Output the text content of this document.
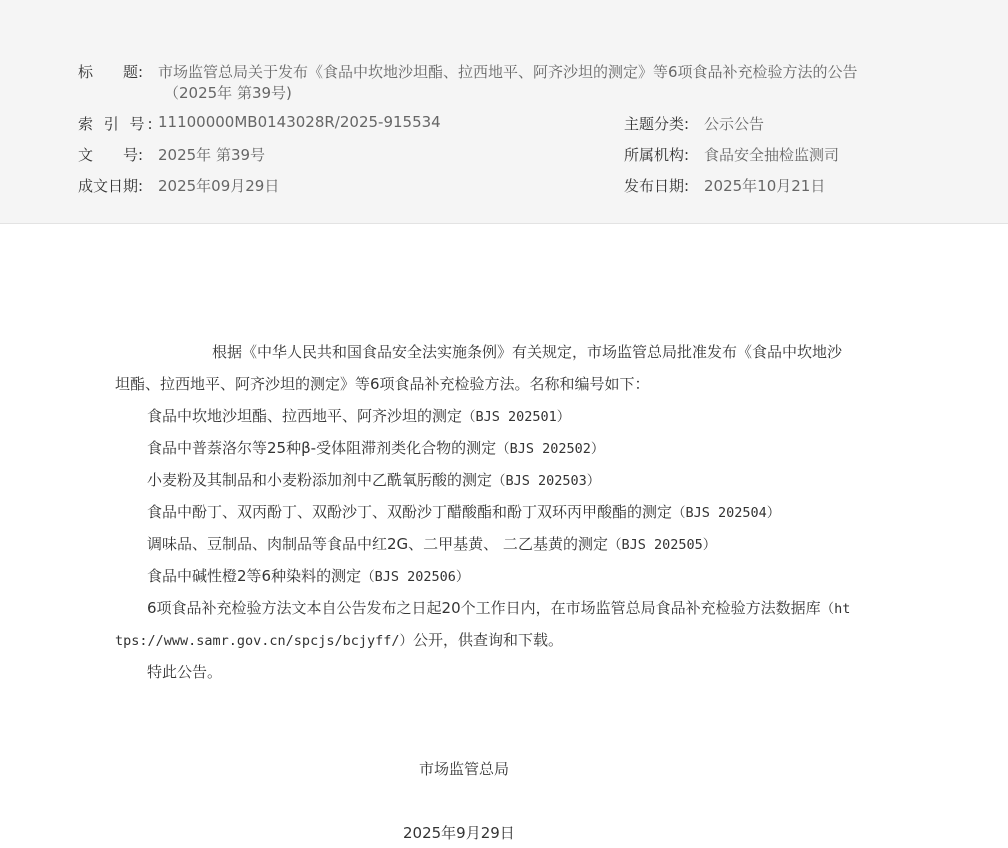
标　　题: 市场监管总局关于发布《食品中坎地沙坦酯、拉西地平、阿齐沙坦的测定》等6项食品补充检验方法的公告
（2025年 第39号)
索 引 号: 11100000MB0143028R/2025-915534	主题分类: 公示公告
文　　号: 2025年 第39号	所属机构: 食品安全抽检监测司
成文日期: 2025年09月29日	发布日期: 2025年10月21日
根据《中华人民共和国食品安全法实施条例》有关规定，市场监管总局批准发布《食品中坎地沙
坦酯、拉西地平、阿齐沙坦的测定》等6项食品补充检验方法。名称和编号如下：
食品中坎地沙坦酯、拉西地平、阿齐沙坦的测定（BJS 202501）
食品中普萘洛尔等25种β-受体阻滞剂类化合物的测定（BJS 202502）
小麦粉及其制品和小麦粉添加剂中乙酰氧肟酸的测定（BJS 202503）
食品中酚丁、双丙酚丁、双酚沙丁、双酚沙丁醋酸酯和酚丁双环丙甲酸酯的测定（BJS 202504）
调味品、豆制品、肉制品等食品中红2G、二甲基黄、 二乙基黄的测定（BJS 202505）
食品中碱性橙2等6种染料的测定（BJS 202506）
6项食品补充检验方法文本自公告发布之日起20个工作日内，在市场监管总局食品补充检验方法数据库（ht
tps://www.samr.gov.cn/spcjs/bcjyff/）公开，供查询和下载。
特此公告。
市场监管总局
2025年9月29日
